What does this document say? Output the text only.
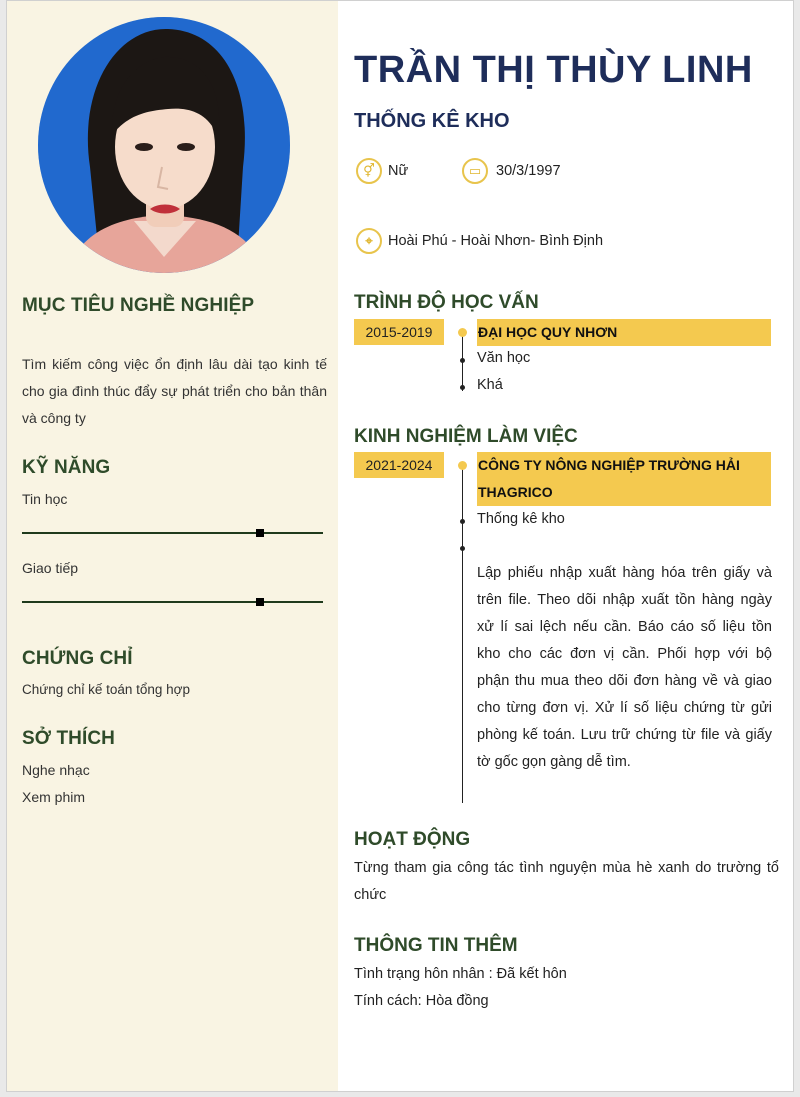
MỤC TIÊU NGHỀ NGHIỆP
Tìm kiếm công việc ổn định lâu dài tạo kinh tế cho gia đình thúc đẩy sự phát triển cho bản thân và công ty
KỸ NĂNG
Tin học
Giao tiếp
CHỨNG CHỈ
Chứng chỉ kế toán tổng hợp
SỞ THÍCH
Nghe nhạc
Xem phim
TRẦN THỊ THÙY LINH
THỐNG KÊ KHO
⚥ Nữ	▭	30/3/1997
⌖	Hoài Phú - Hoài Nhơn- Bình Định
TRÌNH ĐỘ HỌC VẤN
2015-2019	ĐẠI HỌC QUY NHƠN
Văn học
Khá
KINH NGHIỆM LÀM VIỆC
2021-2024	CÔNG TY NÔNG NGHIỆP TRƯỜNG HẢI
THAGRICO
Thống kê kho
Lập phiếu nhập xuất hàng hóa trên giấy và trên file. Theo dõi nhập xuất tồn hàng ngày xử lí sai lệch nếu cần. Báo cáo số liệu tồn kho cho các đơn vị cần. Phối hợp với bộ phận thu mua theo dõi đơn hàng về và giao cho từng đơn vị. Xử lí số liệu chứng từ gửi phòng kế toán. Lưu trữ chứng từ file và giấy tờ gốc gọn gàng dễ tìm.
HOẠT ĐỘNG
Từng tham gia công tác tình nguyện mùa hè xanh do trường tổ chức
THÔNG TIN THÊM
Tình trạng hôn nhân : Đã kết hôn
Tính cách: Hòa đồng
